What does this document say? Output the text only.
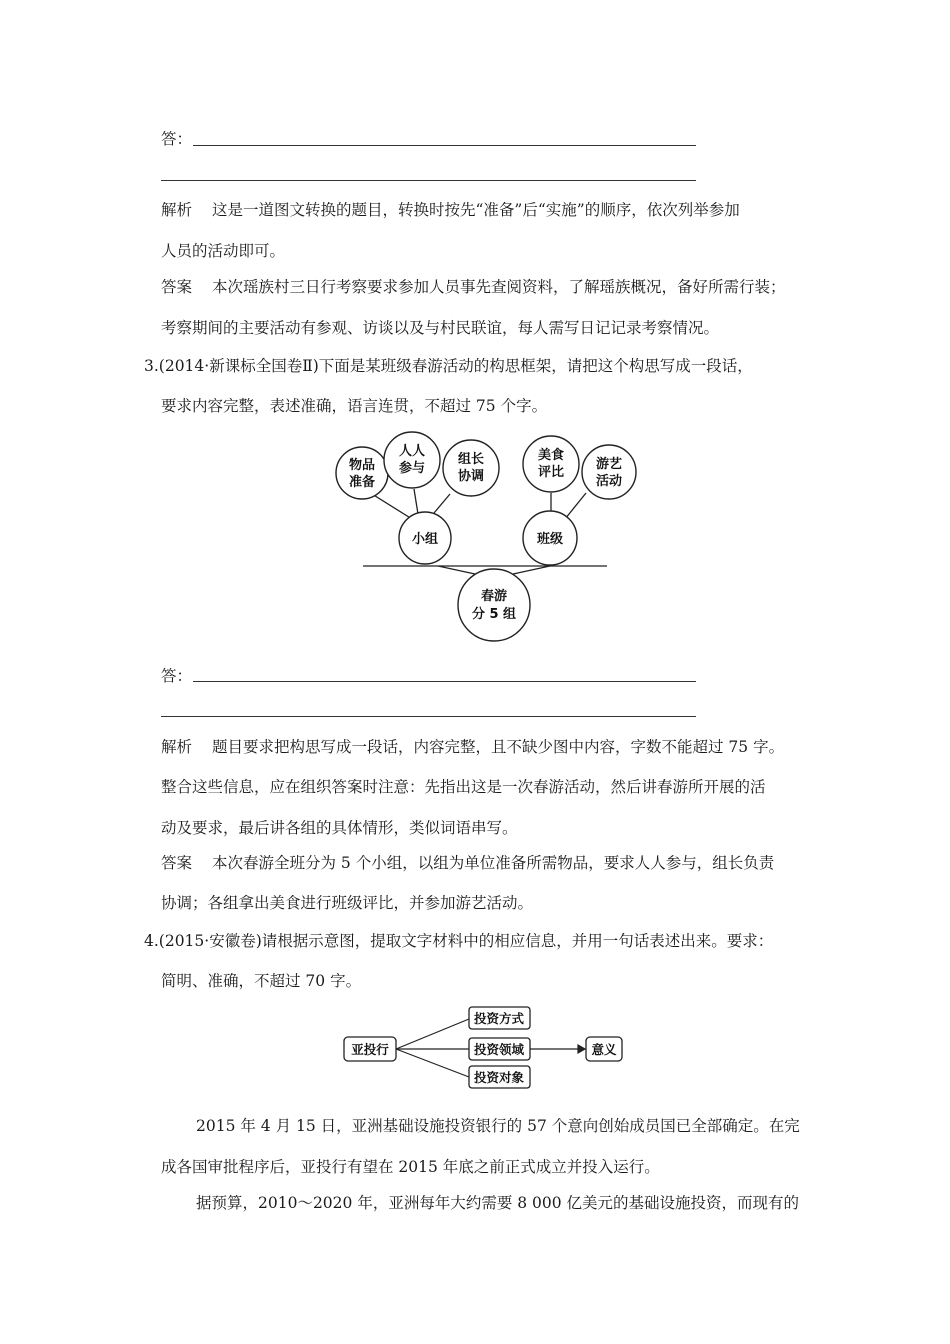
答：
解析 这是一道图文转换的题目，转换时按先“准备”后“实施”的顺序，依次列举参加
人员的活动即可。
答案 本次瑶族村三日行考察要求参加人员事先查阅资料，了解瑶族概况，备好所需行装；
考察期间的主要活动有参观、访谈以及与村民联谊，每人需写日记记录考察情况。
3.(2014·新课标全国卷Ⅱ)下面是某班级春游活动的构思框架，请把这个构思写成一段话，
要求内容完整，表述准确，语言连贯，不超过 75 个字。
春游
分 5 组
小组	班级
物品
准备
人人
参与
组长
协调
美食
评比
游艺
活动
亚投行
投资方式
投资领域
投资对象
意义
答：
解析 题目要求把构思写成一段话，内容完整，且不缺少图中内容，字数不能超过 75 字。
整合这些信息，应在组织答案时注意：先指出这是一次春游活动，然后讲春游所开展的活
动及要求，最后讲各组的具体情形，类似词语串写。
答案 本次春游全班分为 5 个小组，以组为单位准备所需物品，要求人人参与，组长负责
协调；各组拿出美食进行班级评比，并参加游艺活动。
4.(2015·安徽卷)请根据示意图，提取文字材料中的相应信息，并用一句话表述出来。要求：
简明、准确，不超过 70 字。
2015 年 4 月 15 日，亚洲基础设施投资银行的 57 个意向创始成员国已全部确定。在完
成各国审批程序后，亚投行有望在 2015 年底之前正式成立并投入运行。
据预算，2010～2020 年，亚洲每年大约需要 8 000 亿美元的基础设施投资，而现有的
